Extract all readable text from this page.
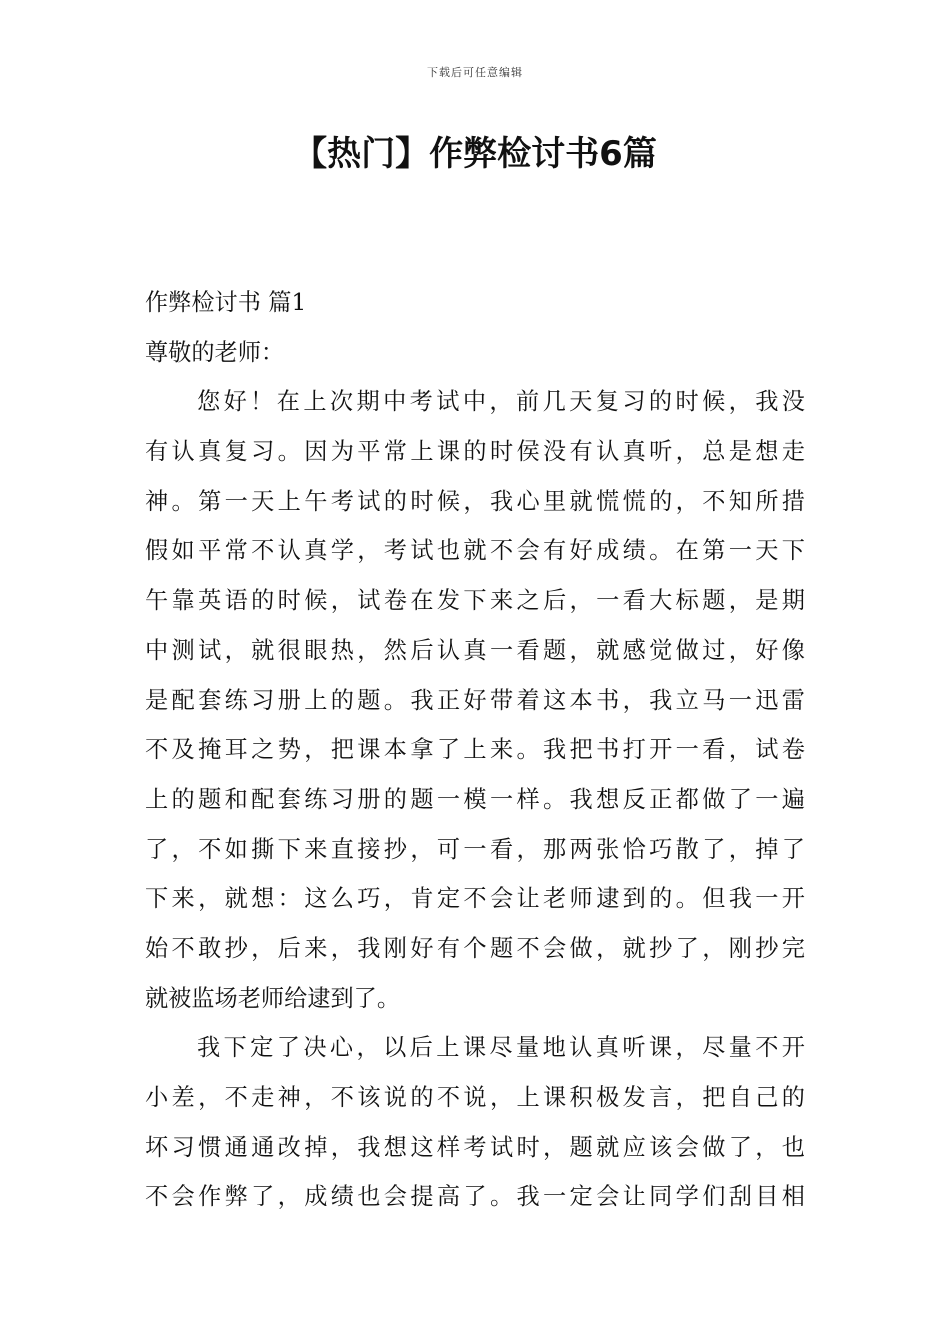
下载后可任意编辑
【热门】作弊检讨书6篇
作弊检讨书 篇1
尊敬的老师：
您好！在上次期中考试中，前几天复习的时候，我没
有认真复习。因为平常上课的时侯没有认真听，总是想走
神。第一天上午考试的时候，我心里就慌慌的，不知所措
假如平常不认真学，考试也就不会有好成绩。在第一天下
午靠英语的时候，试卷在发下来之后，一看大标题，是期
中测试，就很眼热，然后认真一看题，就感觉做过，好像
是配套练习册上的题。我正好带着这本书，我立马一迅雷
不及掩耳之势，把课本拿了上来。我把书打开一看，试卷
上的题和配套练习册的题一模一样。我想反正都做了一遍
了，不如撕下来直接抄，可一看，那两张恰巧散了，掉了
下来，就想：这么巧，肯定不会让老师逮到的。但我一开
始不敢抄，后来，我刚好有个题不会做，就抄了，刚抄完
就被监场老师给逮到了。
我下定了决心，以后上课尽量地认真听课，尽量不开
小差，不走神，不该说的不说，上课积极发言，把自己的
坏习惯通通改掉，我想这样考试时，题就应该会做了，也
不会作弊了，成绩也会提高了。我一定会让同学们刮目相
